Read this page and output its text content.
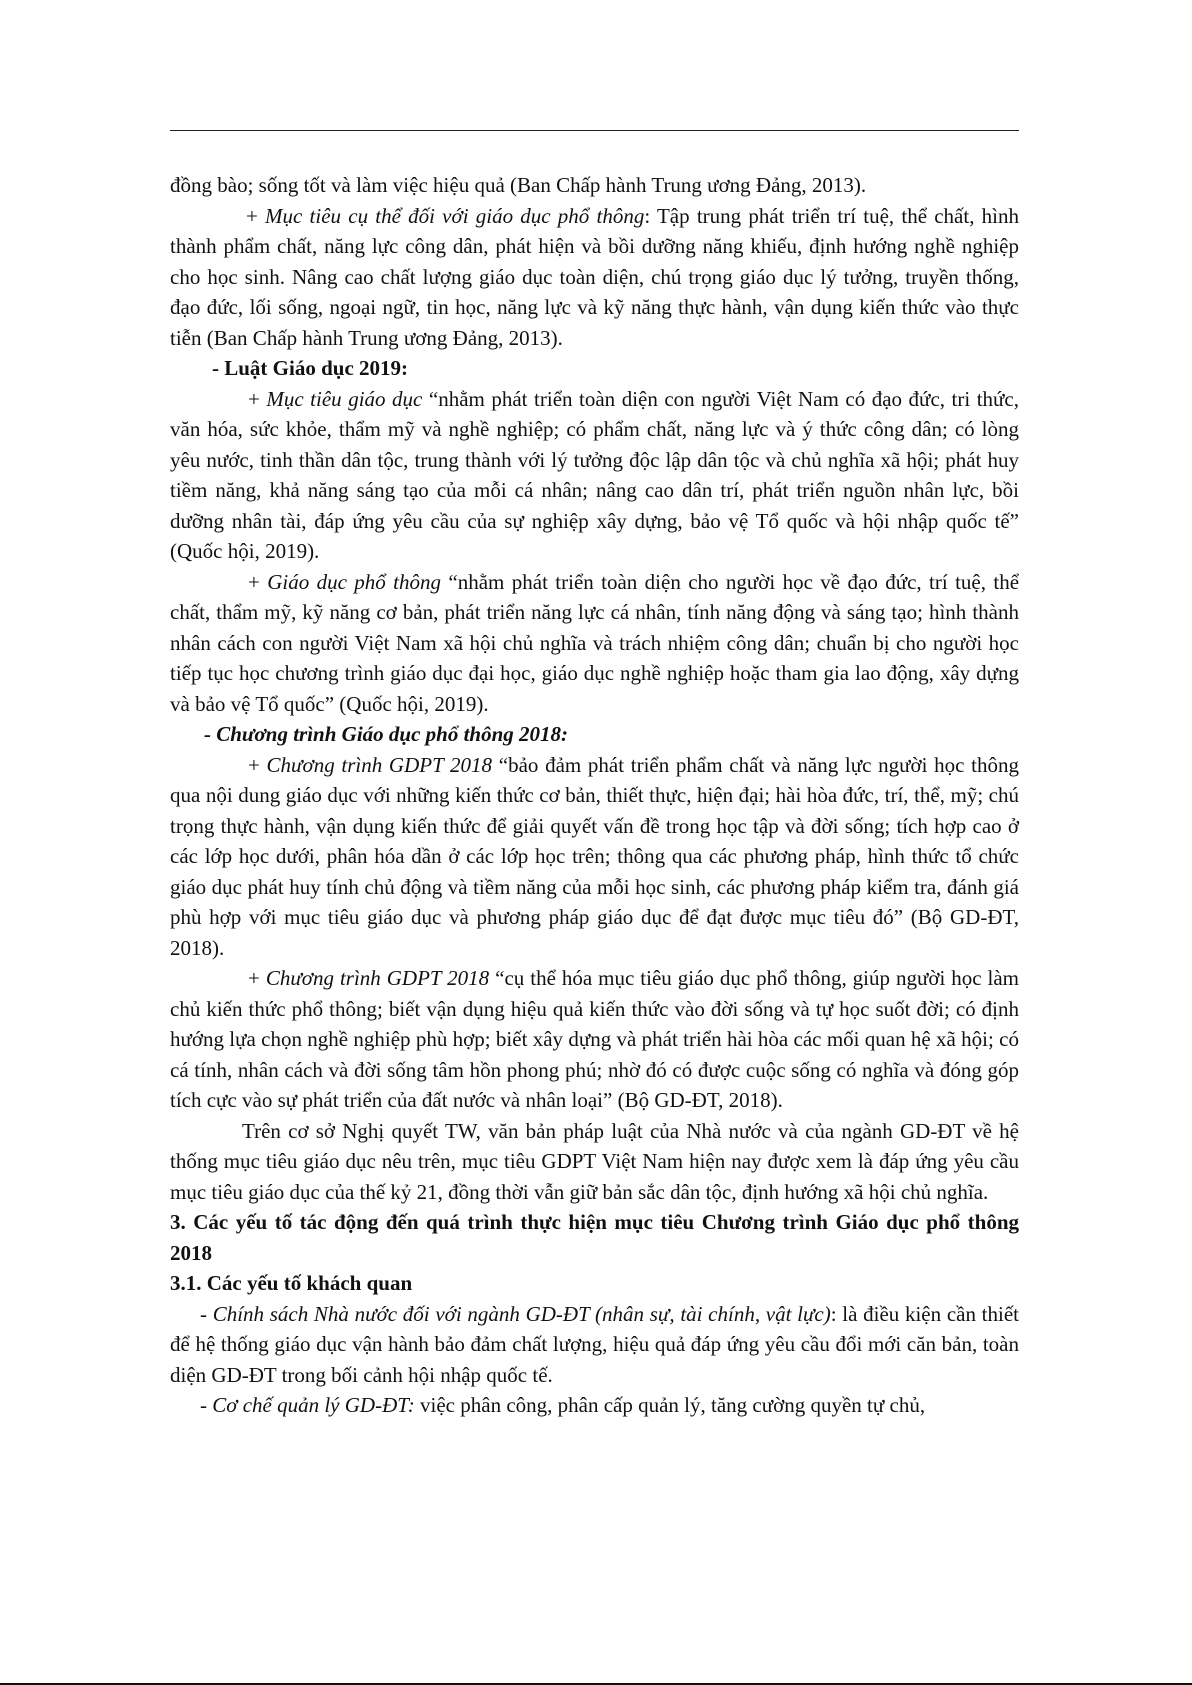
đồng bào; sống tốt và làm việc hiệu quả (Ban Chấp hành Trung ương Đảng, 2013).

+ Mục tiêu cụ thể đối với giáo dục phổ thông: Tập trung phát triển trí tuệ, thể chất, hình thành phẩm chất, năng lực công dân, phát hiện và bồi dưỡng năng khiếu, định hướng nghề nghiệp cho học sinh. Nâng cao chất lượng giáo dục toàn diện, chú trọng giáo dục lý tưởng, truyền thống, đạo đức, lối sống, ngoại ngữ, tin học, năng lực và kỹ năng thực hành, vận dụng kiến thức vào thực tiễn (Ban Chấp hành Trung ương Đảng, 2013).

- Luật Giáo dục 2019:

+ Mục tiêu giáo dục “nhằm phát triển toàn diện con người Việt Nam có đạo đức, tri thức, văn hóa, sức khỏe, thẩm mỹ và nghề nghiệp; có phẩm chất, năng lực và ý thức công dân; có lòng yêu nước, tinh thần dân tộc, trung thành với lý tưởng độc lập dân tộc và chủ nghĩa xã hội; phát huy tiềm năng, khả năng sáng tạo của mỗi cá nhân; nâng cao dân trí, phát triển nguồn nhân lực, bồi dưỡng nhân tài, đáp ứng yêu cầu của sự nghiệp xây dựng, bảo vệ Tổ quốc và hội nhập quốc tế” (Quốc hội, 2019).

+ Giáo dục phổ thông “nhằm phát triển toàn diện cho người học về đạo đức, trí tuệ, thể chất, thẩm mỹ, kỹ năng cơ bản, phát triển năng lực cá nhân, tính năng động và sáng tạo; hình thành nhân cách con người Việt Nam xã hội chủ nghĩa và trách nhiệm công dân; chuẩn bị cho người học tiếp tục học chương trình giáo dục đại học, giáo dục nghề nghiệp hoặc tham gia lao động, xây dựng và bảo vệ Tổ quốc” (Quốc hội, 2019).

- Chương trình Giáo dục phổ thông 2018:

+ Chương trình GDPT 2018 “bảo đảm phát triển phẩm chất và năng lực người học thông qua nội dung giáo dục với những kiến thức cơ bản, thiết thực, hiện đại; hài hòa đức, trí, thể, mỹ; chú trọng thực hành, vận dụng kiến thức để giải quyết vấn đề trong học tập và đời sống; tích hợp cao ở các lớp học dưới, phân hóa dần ở các lớp học trên; thông qua các phương pháp, hình thức tổ chức giáo dục phát huy tính chủ động và tiềm năng của mỗi học sinh, các phương pháp kiểm tra, đánh giá phù hợp với mục tiêu giáo dục và phương pháp giáo dục để đạt được mục tiêu đó” (Bộ GD-ĐT, 2018).

+ Chương trình GDPT 2018 “cụ thể hóa mục tiêu giáo dục phổ thông, giúp người học làm chủ kiến thức phổ thông; biết vận dụng hiệu quả kiến thức vào đời sống và tự học suốt đời; có định hướng lựa chọn nghề nghiệp phù hợp; biết xây dựng và phát triển hài hòa các mối quan hệ xã hội; có cá tính, nhân cách và đời sống tâm hồn phong phú; nhờ đó có được cuộc sống có nghĩa và đóng góp tích cực vào sự phát triển của đất nước và nhân loại” (Bộ GD-ĐT, 2018).

Trên cơ sở Nghị quyết TW, văn bản pháp luật của Nhà nước và của ngành GD-ĐT về hệ thống mục tiêu giáo dục nêu trên, mục tiêu GDPT Việt Nam hiện nay được xem là đáp ứng yêu cầu mục tiêu giáo dục của thế kỷ 21, đồng thời vẫn giữ bản sắc dân tộc, định hướng xã hội chủ nghĩa.

3. Các yếu tố tác động đến quá trình thực hiện mục tiêu Chương trình Giáo dục phổ thông 2018

3.1. Các yếu tố khách quan

- Chính sách Nhà nước đối với ngành GD-ĐT (nhân sự, tài chính, vật lực): là điều kiện cần thiết để hệ thống giáo dục vận hành bảo đảm chất lượng, hiệu quả đáp ứng yêu cầu đổi mới căn bản, toàn diện GD-ĐT trong bối cảnh hội nhập quốc tế.

- Cơ chế quản lý GD-ĐT: việc phân công, phân cấp quản lý, tăng cường quyền tự chủ,
